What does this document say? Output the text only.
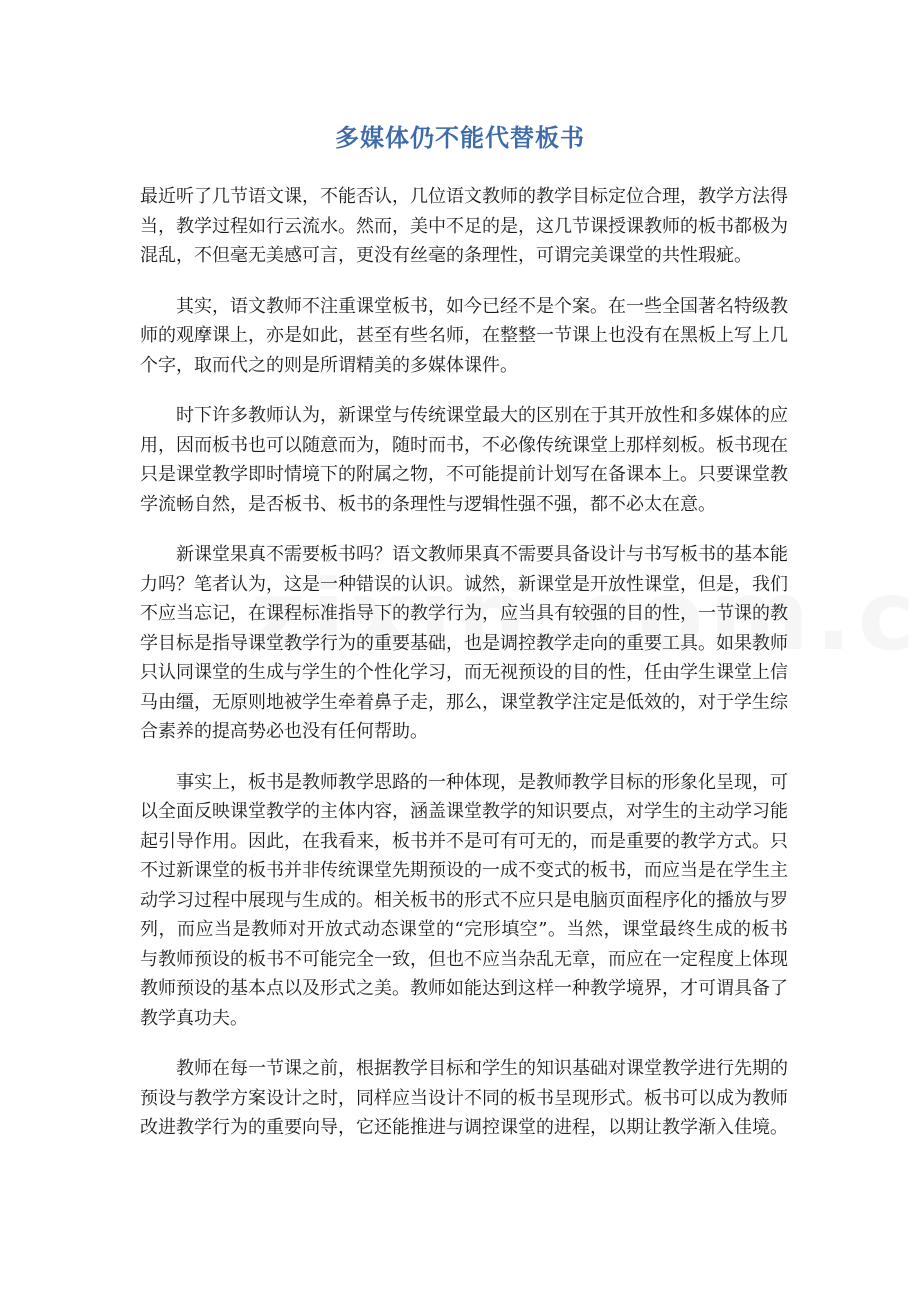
多媒体仍不能代替板书

最近听了几节语文课，不能否认，几位语文教师的教学目标定位合理，教学方法得当，教学过程如行云流水。然而，美中不足的是，这几节课授课教师的板书都极为混乱，不但毫无美感可言，更没有丝毫的条理性，可谓完美课堂的共性瑕疵。

其实，语文教师不注重课堂板书，如今已经不是个案。在一些全国著名特级教师的观摩课上，亦是如此，甚至有些名师，在整整一节课上也没有在黑板上写上几个字，取而代之的则是所谓精美的多媒体课件。

时下许多教师认为，新课堂与传统课堂最大的区别在于其开放性和多媒体的应用，因而板书也可以随意而为，随时而书，不必像传统课堂上那样刻板。板书现在只是课堂教学即时情境下的附属之物，不可能提前计划写在备课本上。只要课堂教学流畅自然，是否板书、板书的条理性与逻辑性强不强，都不必太在意。

新课堂果真不需要板书吗？语文教师果真不需要具备设计与书写板书的基本能力吗？笔者认为，这是一种错误的认识。诚然，新课堂是开放性课堂，但是，我们不应当忘记，在课程标准指导下的教学行为，应当具有较强的目的性，一节课的教学目标是指导课堂教学行为的重要基础，也是调控教学走向的重要工具。如果教师只认同课堂的生成与学生的个性化学习，而无视预设的目的性，任由学生课堂上信马由缰，无原则地被学生牵着鼻子走，那么，课堂教学注定是低效的，对于学生综合素养的提高势必也没有任何帮助。

事实上，板书是教师教学思路的一种体现，是教师教学目标的形象化呈现，可以全面反映课堂教学的主体内容，涵盖课堂教学的知识要点，对学生的主动学习能起引导作用。因此，在我看来，板书并不是可有可无的，而是重要的教学方式。只不过新课堂的板书并非传统课堂先期预设的一成不变式的板书，而应当是在学生主动学习过程中展现与生成的。相关板书的形式不应只是电脑页面程序化的播放与罗列，而应当是教师对开放式动态课堂的“完形填空”。当然，课堂最终生成的板书与教师预设的板书不可能完全一致，但也不应当杂乱无章，而应在一定程度上体现教师预设的基本点以及形式之美。教师如能达到这样一种教学境界，才可谓具备了教学真功夫。

教师在每一节课之前，根据教学目标和学生的知识基础对课堂教学进行先期的预设与教学方案设计之时，同样应当设计不同的板书呈现形式。板书可以成为教师改进教学行为的重要向导，它还能推进与调控课堂的进程，以期让教学渐入佳境。
